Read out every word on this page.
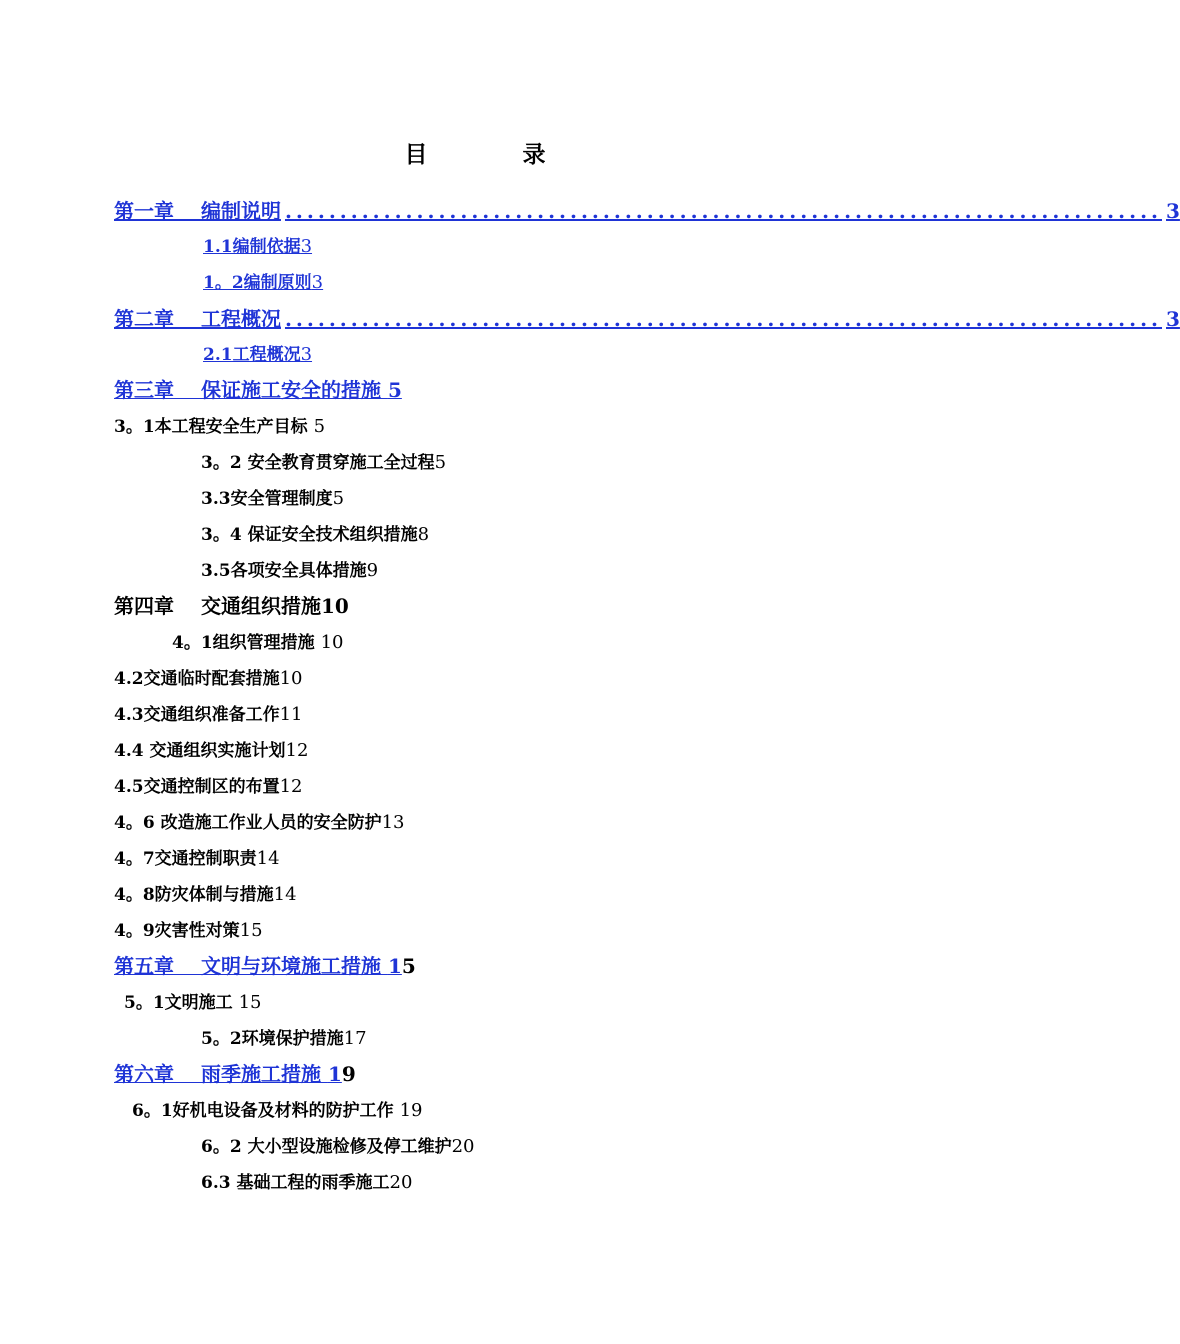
目　录
第一章　 编制说明 ................................................................................ 3
1.1编制依据3
1。2编制原则3
第二章　 工程概况 ................................................................................ 3
2.1工程概况3
第三章　 保证施工安全的措施 5
3。1本工程安全生产目标 5
3。2 安全教育贯穿施工全过程5
3.3安全管理制度5
3。4 保证安全技术组织措施8
3.5各项安全具体措施9
第四章　 交通组织措施10
4。1组织管理措施 10
4.2交通临时配套措施10
4.3交通组织准备工作11
4.4 交通组织实施计划12
4.5交通控制区的布置12
4。6 改造施工作业人员的安全防护13
4。7交通控制职责14
4。8防灾体制与措施14
4。9灾害性对策15
第五章　 文明与环境施工措施 15
5。1文明施工 15
5。2环境保护措施17
第六章　 雨季施工措施 19
6。1好机电设备及材料的防护工作 19
6。2 大小型设施检修及停工维护20
6.3 基础工程的雨季施工20
